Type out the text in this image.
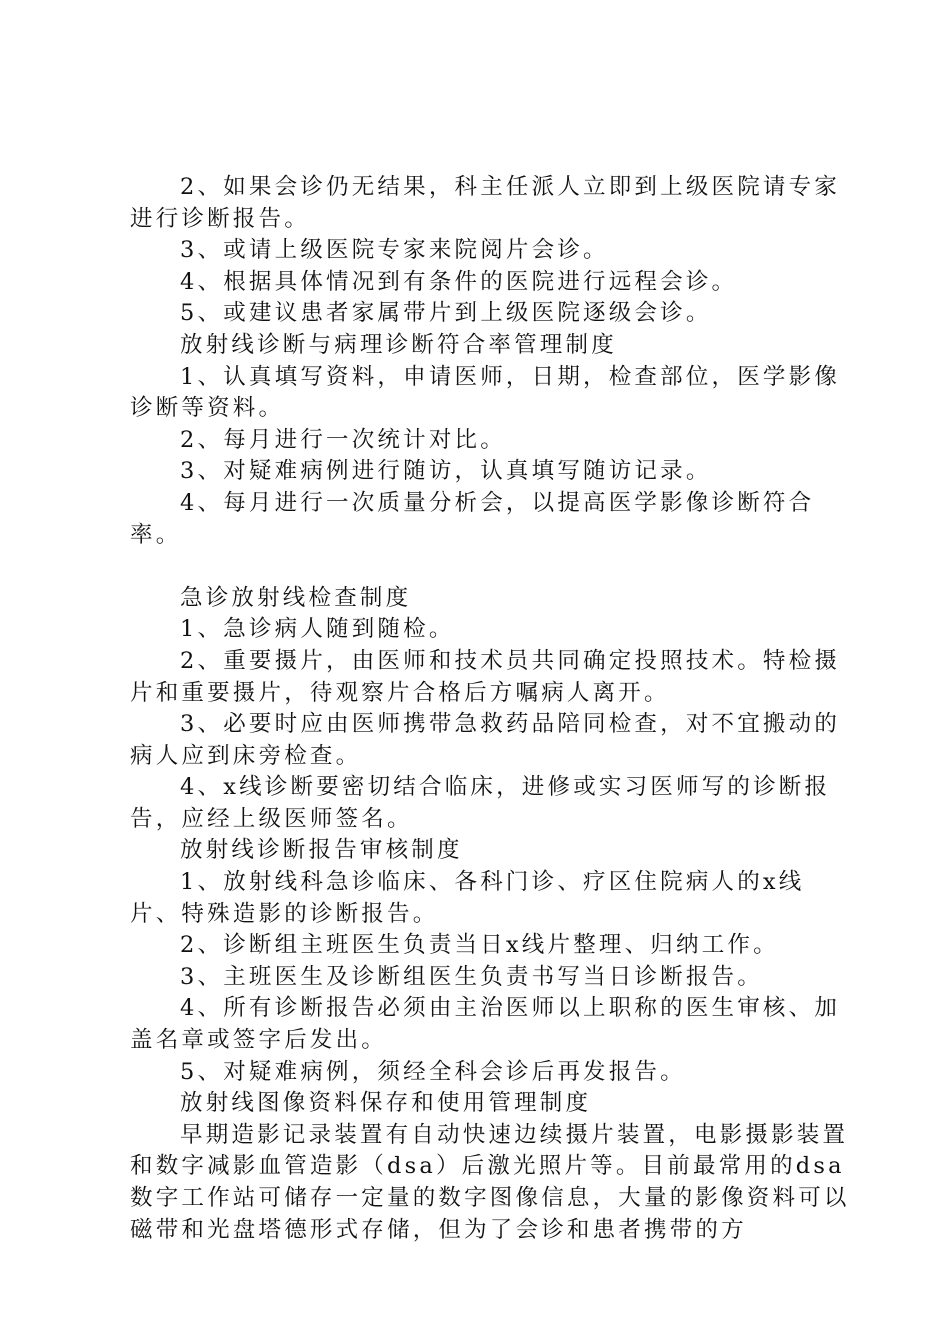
2、如果会诊仍无结果，科主任派人立即到上级医院请专家进行诊断报告。

3、或请上级医院专家来院阅片会诊。

4、根据具体情况到有条件的医院进行远程会诊。

5、或建议患者家属带片到上级医院逐级会诊。

放射线诊断与病理诊断符合率管理制度

1、认真填写资料，申请医师，日期，检查部位，医学影像诊断等资料。

2、每月进行一次统计对比。

3、对疑难病例进行随访，认真填写随访记录。

4、每月进行一次质量分析会，以提高医学影像诊断符合率。

急诊放射线检查制度

1、急诊病人随到随检。

2、重要摄片，由医师和技术员共同确定投照技术。特检摄片和重要摄片，待观察片合格后方嘱病人离开。

3、必要时应由医师携带急救药品陪同检查，对不宜搬动的病人应到床旁检查。

4、x线诊断要密切结合临床，进修或实习医师写的诊断报告，应经上级医师签名。

放射线诊断报告审核制度

1、放射线科急诊临床、各科门诊、疗区住院病人的x线片、特殊造影的诊断报告。

2、诊断组主班医生负责当日x线片整理、归纳工作。

3、主班医生及诊断组医生负责书写当日诊断报告。

4、所有诊断报告必须由主治医师以上职称的医生审核、加盖名章或签字后发出。

5、对疑难病例，须经全科会诊后再发报告。

放射线图像资料保存和使用管理制度

早期造影记录装置有自动快速边续摄片装置，电影摄影装置和数字减影血管造影（dsa）后激光照片等。目前最常用的dsa数字工作站可储存一定量的数字图像信息，大量的影像资料可以磁带和光盘塔德形式存储，但为了会诊和患者携带的方
